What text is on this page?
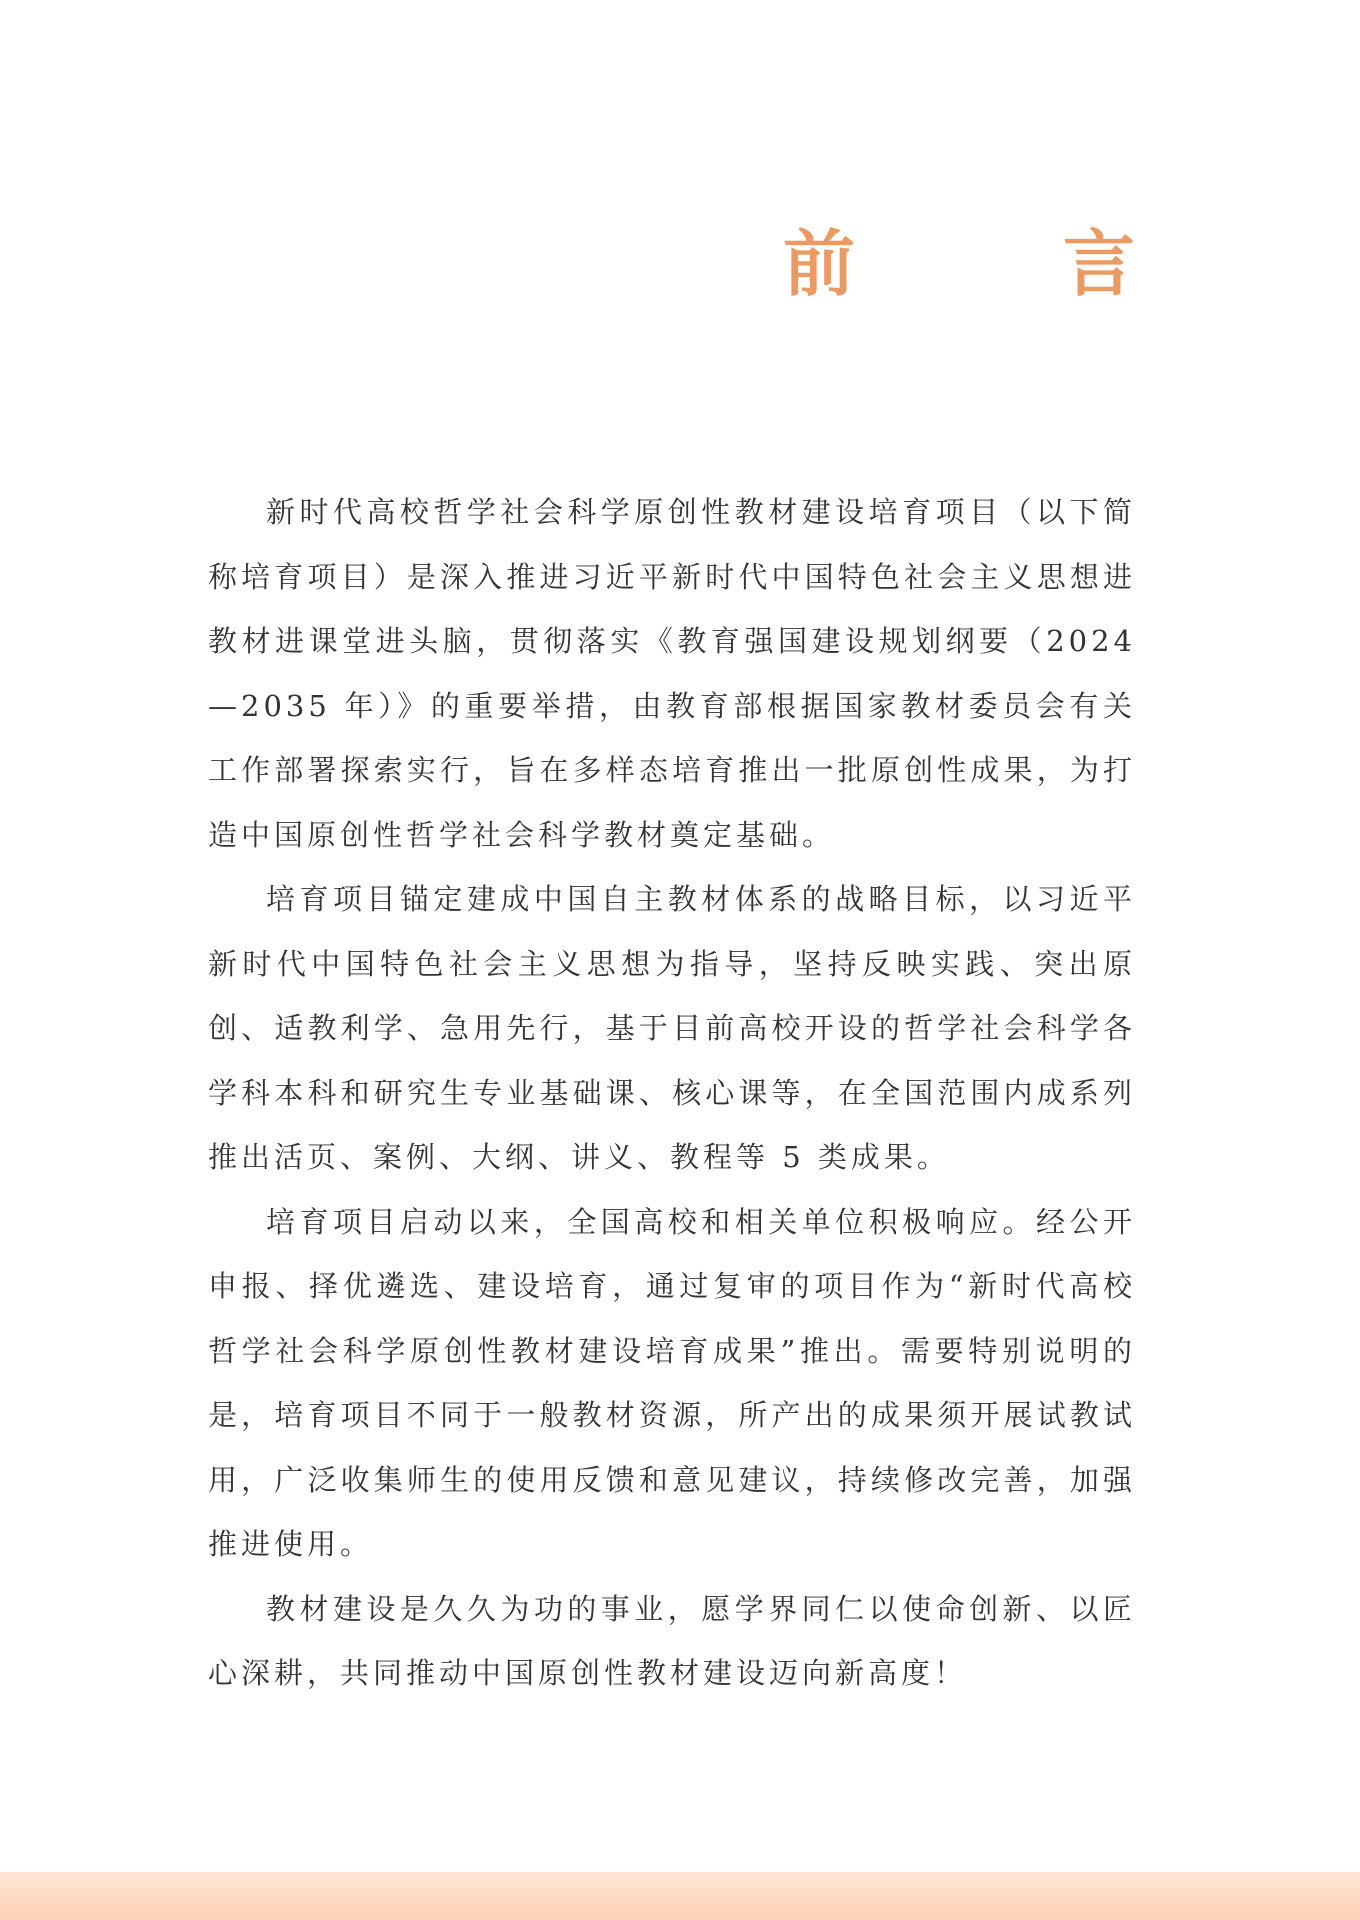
前　言

新时代高校哲学社会科学原创性教材建设培育项目（以下简称培育项目）是深入推进习近平新时代中国特色社会主义思想进教材进课堂进头脑，贯彻落实《教育强国建设规划纲要（2024—2035 年）》的重要举措，由教育部根据国家教材委员会有关工作部署探索实行，旨在多样态培育推出一批原创性成果，为打造中国原创性哲学社会科学教材奠定基础。

培育项目锚定建成中国自主教材体系的战略目标，以习近平新时代中国特色社会主义思想为指导，坚持反映实践、突出原创、适教利学、急用先行，基于目前高校开设的哲学社会科学各学科本科和研究生专业基础课、核心课等，在全国范围内成系列推出活页、案例、大纲、讲义、教程等 5 类成果。

培育项目启动以来，全国高校和相关单位积极响应。经公开申报、择优遴选、建设培育，通过复审的项目作为“新时代高校哲学社会科学原创性教材建设培育成果”推出。需要特别说明的是，培育项目不同于一般教材资源，所产出的成果须开展试教试用，广泛收集师生的使用反馈和意见建议，持续修改完善，加强推进使用。

教材建设是久久为功的事业，愿学界同仁以使命创新、以匠心深耕，共同推动中国原创性教材建设迈向新高度！
